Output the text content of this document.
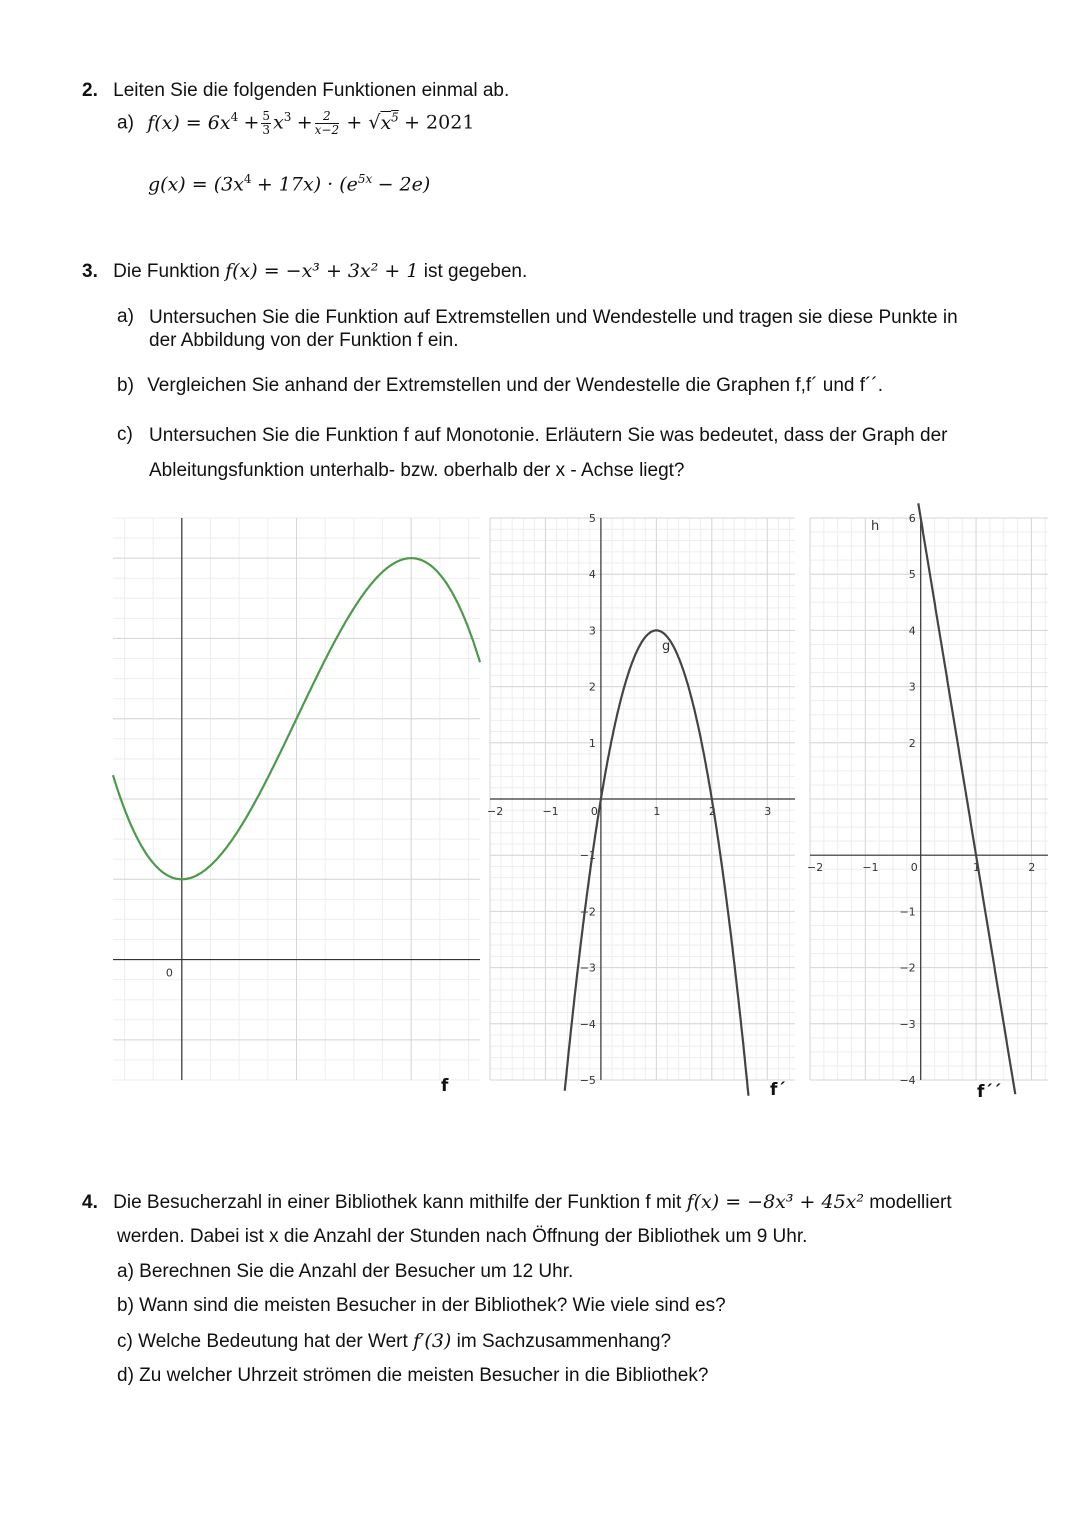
2. Leiten Sie die folgenden Funktionen einmal ab.
a) $f(x) = 6x^4 + \frac{5}{3} x^3 + \frac{2}{x-2} + √x^5 + 2021$
$g(x) = (3x^4 + 17x) \cdot (e^{5x} - 2e)$
3. Die Funktion f(x) = −x³ + 3x² + 1 ist gegeben.
a) Untersuchen Sie die Funktion auf Extremstellen und Wendestelle und tragen sie diese Punkte in
der Abbildung von der Funktion f ein.
b) Vergleichen Sie anhand der Extremstellen und der Wendestelle die Graphen f,f´ und f´´.
c) Untersuchen Sie die Funktion f auf Monotonie. Erläutern Sie was bedeutet, dass der Graph der
Ableitungsfunktion unterhalb- bzw. oberhalb der x - Achse liegt?
0
f
−2	−1	0	1	2	3
5
4
3
2
1
−1
−2
−3
−4
−5	f´
g
−2	−1	0	1	2
6
5
4
3
2
−1
−2
−3
−4
f´´
h
4. Die Besucherzahl in einer Bibliothek kann mithilfe der Funktion f mit f(x) = −8x³ + 45x² modelliert
werden. Dabei ist x die Anzahl der Stunden nach Öffnung der Bibliothek um 9 Uhr.
a) Berechnen Sie die Anzahl der Besucher um 12 Uhr.
b) Wann sind die meisten Besucher in der Bibliothek? Wie viele sind es?
c) Welche Bedeutung hat der Wert f′(3) im Sachzusammenhang?
d) Zu welcher Uhrzeit strömen die meisten Besucher in die Bibliothek?
